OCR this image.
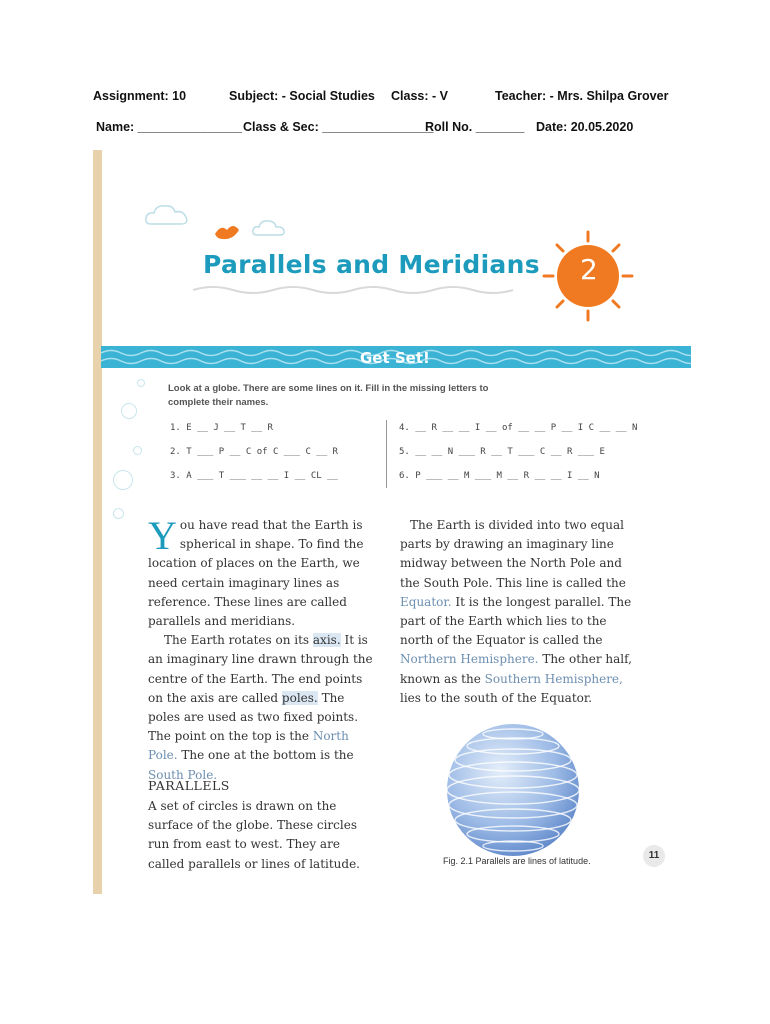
Assignment: 10	Subject: - Social Studies Class: - V	Teacher: - Mrs. Shilpa Grover
Name: _______________ Class & Sec: ________________
Roll No. _______ Date: 20.05.2020
Parallels and Meridians 2
Get Set!
Look at a globe. There are some lines on it. Fill in the missing letters to
complete their names.
1. E __ J __ T __ R
2. T ___ P __ C of C ___ C __ R
3. A ___ T ___ __ __ I __ CL __
4. __ R __ __ I __ of __ __ P __ I C __ __ N
5. __ __ N ___ R __ T ___ C __ R ___ E
6. P ___ __ M ___ M __ R __ __ I __ N

You have read that the Earth is spherical in shape. To find the location of places on the Earth, we need certain imaginary lines as reference. These lines are called parallels and meridians.

The Earth rotates on its axis. It is an imaginary line drawn through the centre of the Earth. The end points on the axis are called poles. The poles are used as two fixed points. The point on the top is the North Pole. The one at the bottom is the South Pole.

PARALLELS
A set of circles is drawn on the surface of the globe. These circles run from east to west. They are called parallels or lines of latitude.

The Earth is divided into two equal parts by drawing an imaginary line midway between the North Pole and the South Pole. This line is called the Equator. It is the longest parallel. The part of the Earth which lies to the north of the Equator is called the Northern Hemisphere. The other half, known as the Southern Hemisphere, lies to the south of the Equator.

Fig. 2.1 Parallels are lines of latitude.	11
